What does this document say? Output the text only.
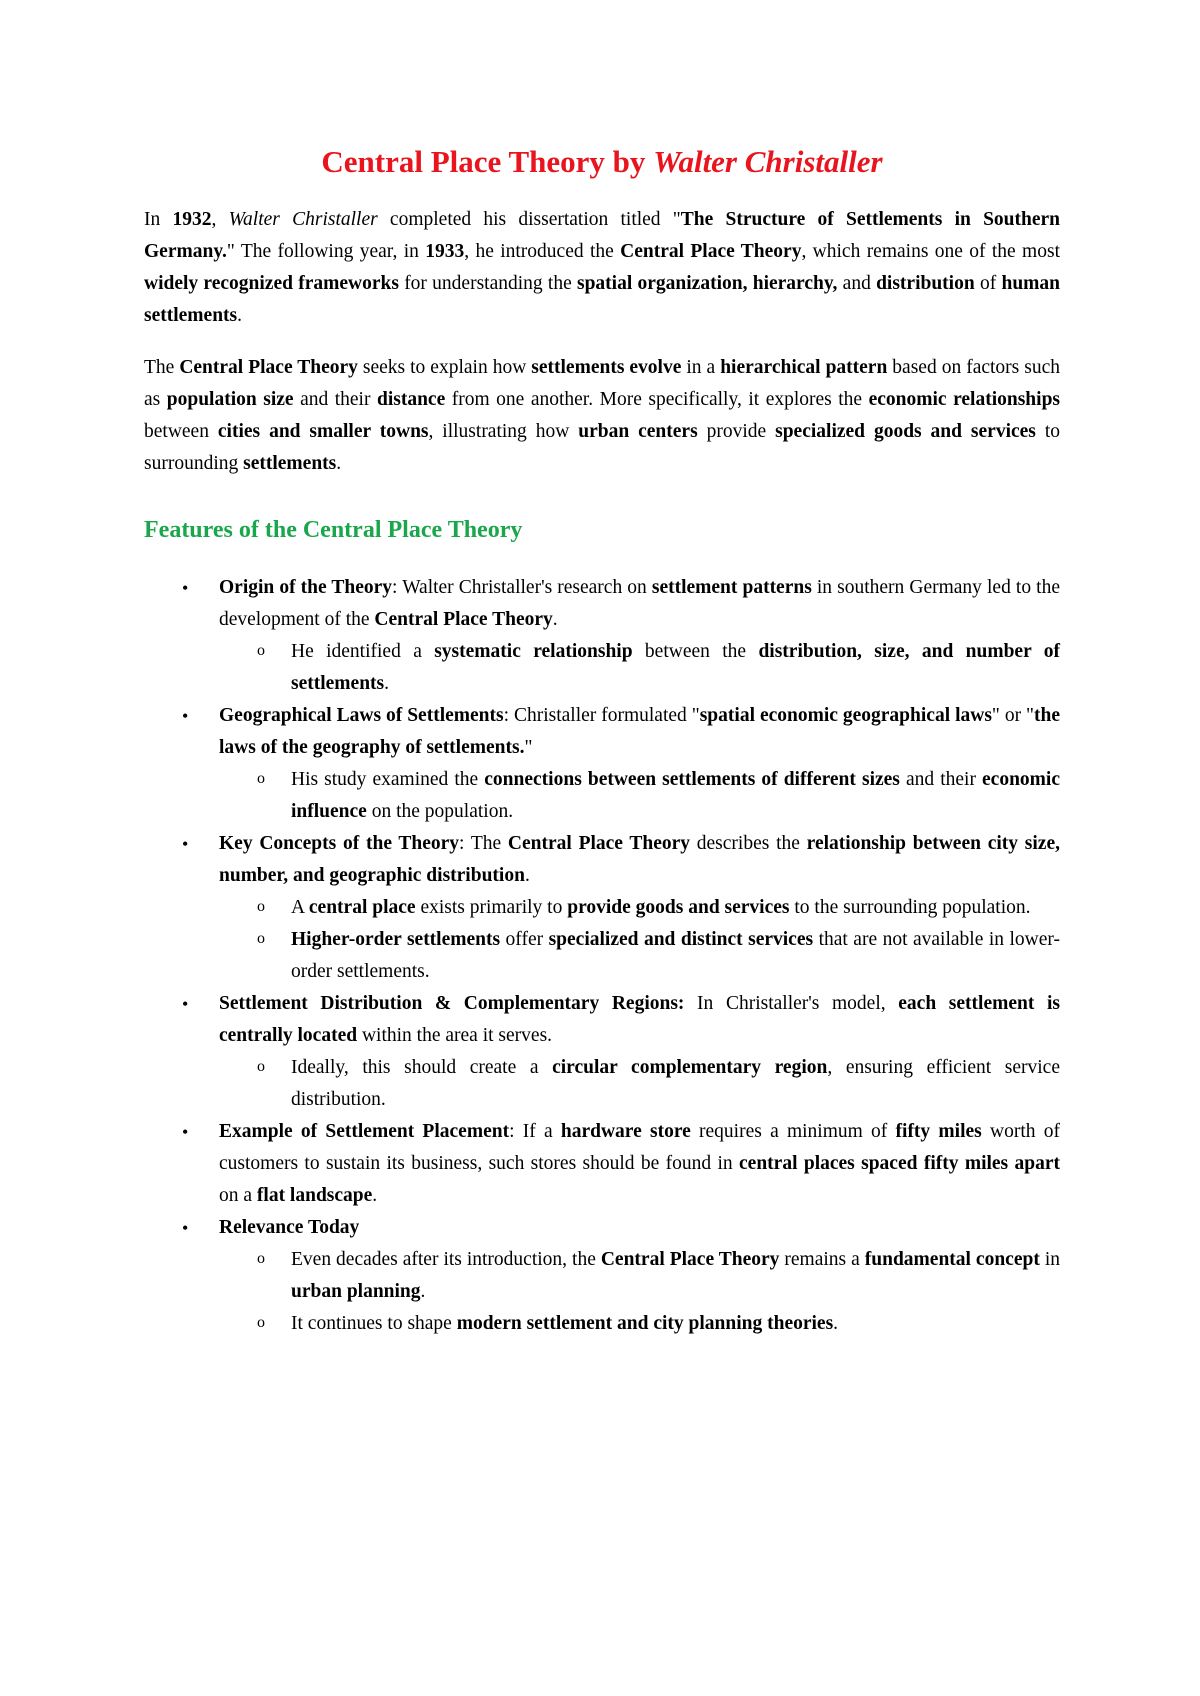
Central Place Theory by Walter Christaller

In 1932, Walter Christaller completed his dissertation titled "The Structure of Settlements in Southern Germany." The following year, in 1933, he introduced the Central Place Theory, which remains one of the most widely recognized frameworks for understanding the spatial organization, hierarchy, and distribution of human settlements.

The Central Place Theory seeks to explain how settlements evolve in a hierarchical pattern based on factors such as population size and their distance from one another. More specifically, it explores the economic relationships between cities and smaller towns, illustrating how urban centers provide specialized goods and services to surrounding settlements.

Features of the Central Place Theory
• Origin of the Theory: Walter Christaller's research on settlement patterns in southern Germany led to the development of the Central Place Theory.
o He identified a systematic relationship between the distribution, size, and number of settlements.
• Geographical Laws of Settlements: Christaller formulated "spatial economic geographical laws" or "the laws of the geography of settlements."
o His study examined the connections between settlements of different sizes and their economic influence on the population.
• Key Concepts of the Theory: The Central Place Theory describes the relationship between city size, number, and geographic distribution.
o A central place exists primarily to provide goods and services to the surrounding population.
o Higher-order settlements offer specialized and distinct services that are not available in lower-order settlements.
• Settlement Distribution & Complementary Regions: In Christaller's model, each settlement is centrally located within the area it serves.
o Ideally, this should create a circular complementary region, ensuring efficient service distribution.
• Example of Settlement Placement: If a hardware store requires a minimum of fifty miles worth of customers to sustain its business, such stores should be found in central places spaced fifty miles apart on a flat landscape.
• Relevance Today
o Even decades after its introduction, the Central Place Theory remains a fundamental concept in urban planning.
o It continues to shape modern settlement and city planning theories.
